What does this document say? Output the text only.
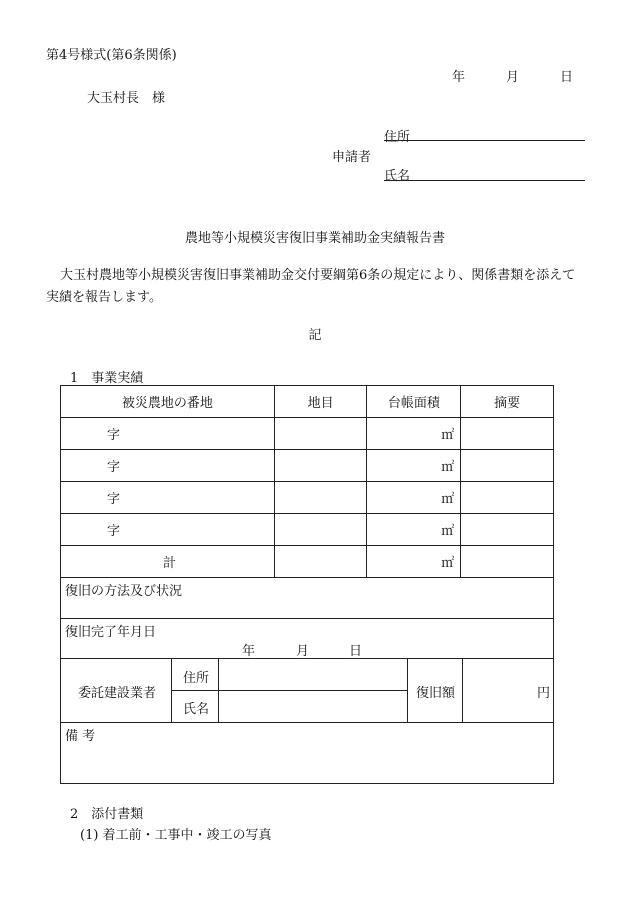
第4号様式(第6条関係)
年	月	日
大玉村長　様
住所
申請者
氏名
農地等小規模災害復旧事業補助金実績報告書
大玉村農地等小規模災害復旧事業補助金交付要綱第6条の規定により、関係書類を添えて
実績を報告します。
記
1　事業実績
被災農地の番地	地目	台帳面積	摘要
字		㎡	
字		㎡	
字		㎡	
字		㎡	
計		㎡	
復旧の方法及び状況
復旧完了年月日
年	月	日
委託建設業者
住所
氏名
復旧額	円
備 考
2　添付書類
(1) 着工前・工事中・竣工の写真
